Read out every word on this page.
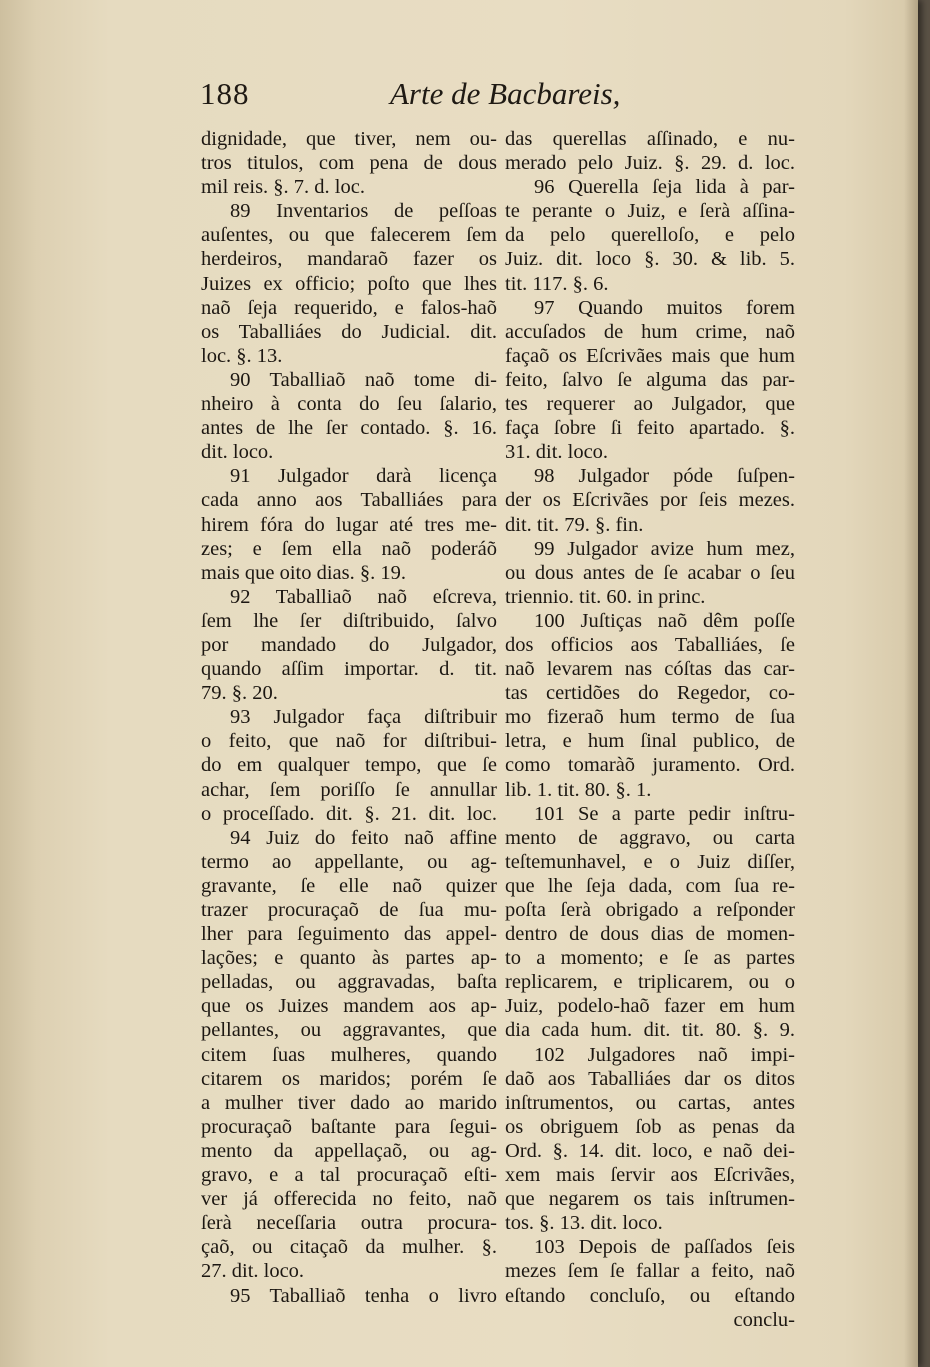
188	Arte de Bacbareis,
dignidade, que tiver, nem ou-
tros titulos, com pena de dous
mil reis. §. 7. d. loc.
89 Inventarios de peſſoas
auſentes, ou que falecerem ſem
herdeiros, mandaraõ fazer os
Juizes ex officio; poſto que lhes
naõ ſeja requerido, e falos-haõ
os Taballiáes do Judicial. dit.
loc. §. 13.
90 Taballiaõ naõ tome di-
nheiro à conta do ſeu ſalario,
antes de lhe ſer contado. §. 16.
dit. loco.
91 Julgador darà licença
cada anno aos Taballiáes para
hirem fóra do lugar até tres me-
zes; e ſem ella naõ poderáõ
mais que oito dias. §. 19.
92 Taballiaõ naõ eſcreva,
ſem lhe ſer diſtribuido, ſalvo
por mandado do Julgador,
quando aſſim importar. d. tit.
79. §. 20.
93 Julgador faça diſtribuir
o feito, que naõ for diſtribui-
do em qualquer tempo, que ſe
achar, ſem poriſſo ſe annullar
o proceſſado. dit. §. 21. dit. loc.
94 Juiz do feito naõ affine
termo ao appellante, ou ag-
gravante, ſe elle naõ quizer
trazer procuraçaõ de ſua mu-
lher para ſeguimento das appel-
lações; e quanto às partes ap-
pelladas, ou aggravadas, baſta
que os Juizes mandem aos ap-
pellantes, ou aggravantes, que
citem ſuas mulheres, quando
citarem os maridos; porém ſe
a mulher tiver dado ao marido
procuraçaõ baſtante para ſegui-
mento da appellaçaõ, ou ag-
gravo, e a tal procuraçaõ eſti-
ver já offerecida no feito, naõ
ſerà neceſſaria outra procura-
çaõ, ou citaçaõ da mulher. §.
27. dit. loco.
95 Taballiaõ tenha o livro
das querellas aſſinado, e nu-
merado pelo Juiz. §. 29. d. loc.
96 Querella ſeja lida à par-
te perante o Juiz, e ſerà aſſina-
da pelo querelloſo, e pelo
Juiz. dit. loco §. 30. & lib. 5.
tit. 117. §. 6.
97 Quando muitos forem
accuſados de hum crime, naõ
façaõ os Eſcrivães mais que hum
feito, ſalvo ſe alguma das par-
tes requerer ao Julgador, que
faça ſobre ſi feito apartado. §.
31. dit. loco.
98 Julgador póde ſuſpen-
der os Eſcrivães por ſeis mezes.
dit. tit. 79. §. fin.
99 Julgador avize hum mez,
ou dous antes de ſe acabar o ſeu
triennio. tit. 60. in princ.
100 Juſtiças naõ dêm poſſe
dos officios aos Taballiáes, ſe
naõ levarem nas cóſtas das car-
tas certidões do Regedor, co-
mo fizeraõ hum termo de ſua
letra, e hum ſinal publico, de
como tomaràõ juramento. Ord.
lib. 1. tit. 80. §. 1.
101 Se a parte pedir inſtru-
mento de aggravo, ou carta
teſtemunhavel, e o Juiz diſſer,
que lhe ſeja dada, com ſua re-
poſta ſerà obrigado a reſponder
dentro de dous dias de momen-
to a momento; e ſe as partes
replicarem, e triplicarem, ou o
Juiz, podelo-haõ fazer em hum
dia cada hum. dit. tit. 80. §. 9.
102 Julgadores naõ impi-
daõ aos Taballiáes dar os ditos
inſtrumentos, ou cartas, antes
os obriguem ſob as penas da
Ord. §. 14. dit. loco, e naõ dei-
xem mais ſervir aos Eſcrivães,
que negarem os tais inſtrumen-
tos. §. 13. dit. loco.
103 Depois de paſſados ſeis
mezes ſem ſe fallar a feito, naõ
eſtando concluſo, ou eſtando
conclu-
